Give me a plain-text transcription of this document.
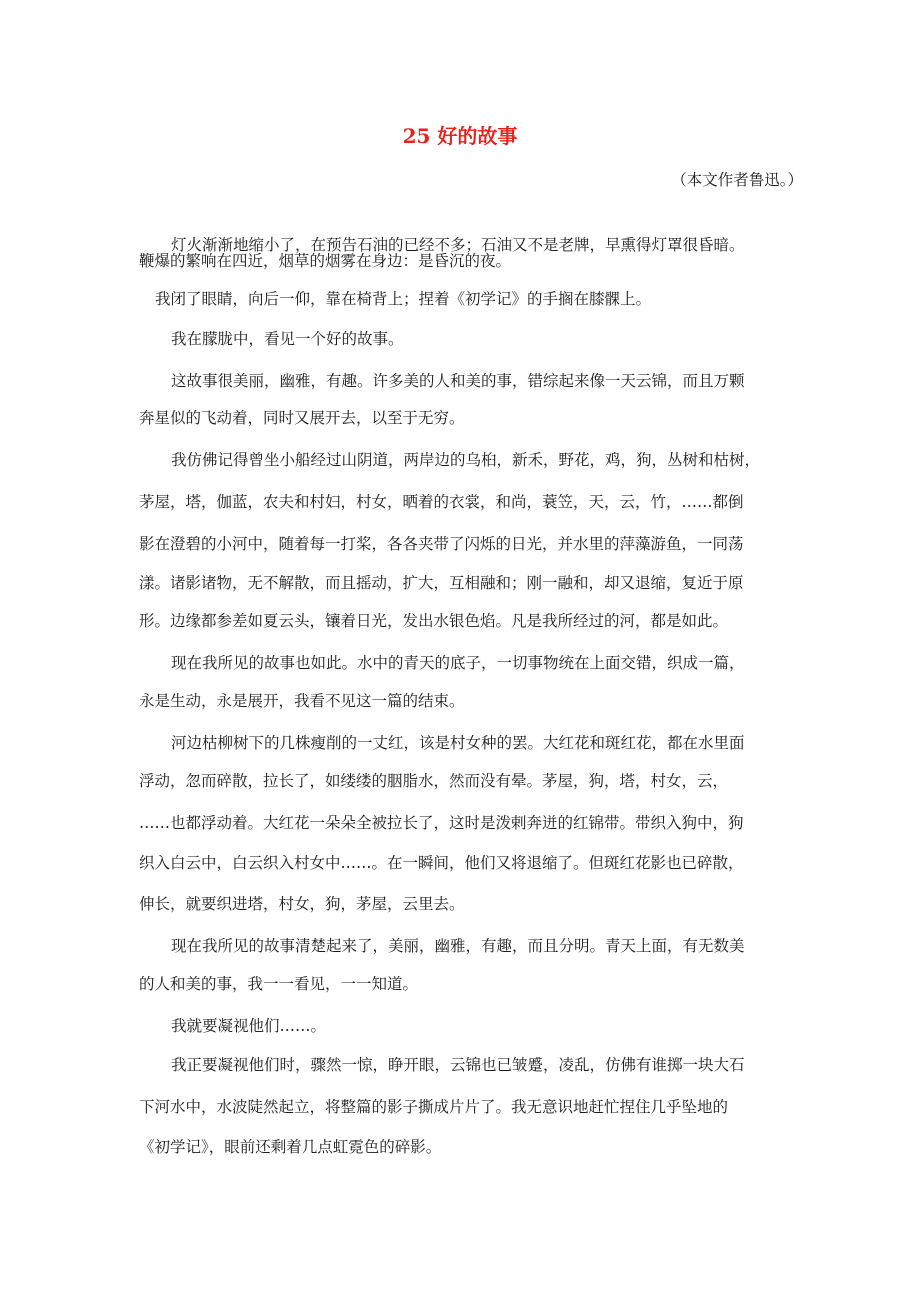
25 好的故事
（本文作者鲁迅。）
灯火渐渐地缩小了，在预告石油的已经不多；石油又不是老牌，早熏得灯罩很昏暗。
鞭爆的繁响在四近，烟草的烟雾在身边：是昏沉的夜。
我闭了眼睛，向后一仰，靠在椅背上；捏着《初学记》的手搁在膝髁上。
我在朦胧中，看见一个好的故事。
这故事很美丽，幽雅，有趣。许多美的人和美的事，错综起来像一天云锦，而且万颗
奔星似的飞动着，同时又展开去，以至于无穷。
我仿佛记得曾坐小船经过山阴道，两岸边的乌桕，新禾，野花，鸡，狗，丛树和枯树，
茅屋，塔，伽蓝，农夫和村妇，村女，晒着的衣裳，和尚，蓑笠，天，云，竹，……都倒
影在澄碧的小河中，随着每一打桨，各各夹带了闪烁的日光，并水里的萍藻游鱼，一同荡
漾。诸影诸物，无不解散，而且摇动，扩大，互相融和；刚一融和，却又退缩，复近于原
形。边缘都参差如夏云头，镶着日光，发出水银色焰。凡是我所经过的河，都是如此。
现在我所见的故事也如此。水中的青天的底子，一切事物统在上面交错，织成一篇，
永是生动，永是展开，我看不见这一篇的结束。
河边枯柳树下的几株瘦削的一丈红，该是村女种的罢。大红花和斑红花，都在水里面
浮动，忽而碎散，拉长了，如缕缕的胭脂水，然而没有晕。茅屋，狗，塔，村女，云，
……也都浮动着。大红花一朵朵全被拉长了，这时是泼剌奔迸的红锦带。带织入狗中，狗
织入白云中，白云织入村女中……。在一瞬间，他们又将退缩了。但斑红花影也已碎散，
伸长，就要织进塔，村女，狗，茅屋，云里去。
现在我所见的故事清楚起来了，美丽，幽雅，有趣，而且分明。青天上面，有无数美
的人和美的事，我一一看见，一一知道。
我就要凝视他们……。
我正要凝视他们时，骤然一惊，睁开眼，云锦也已皱蹙，凌乱，仿佛有谁掷一块大石
下河水中，水波陡然起立，将整篇的影子撕成片片了。我无意识地赶忙捏住几乎坠地的
《初学记》，眼前还剩着几点虹霓色的碎影。
